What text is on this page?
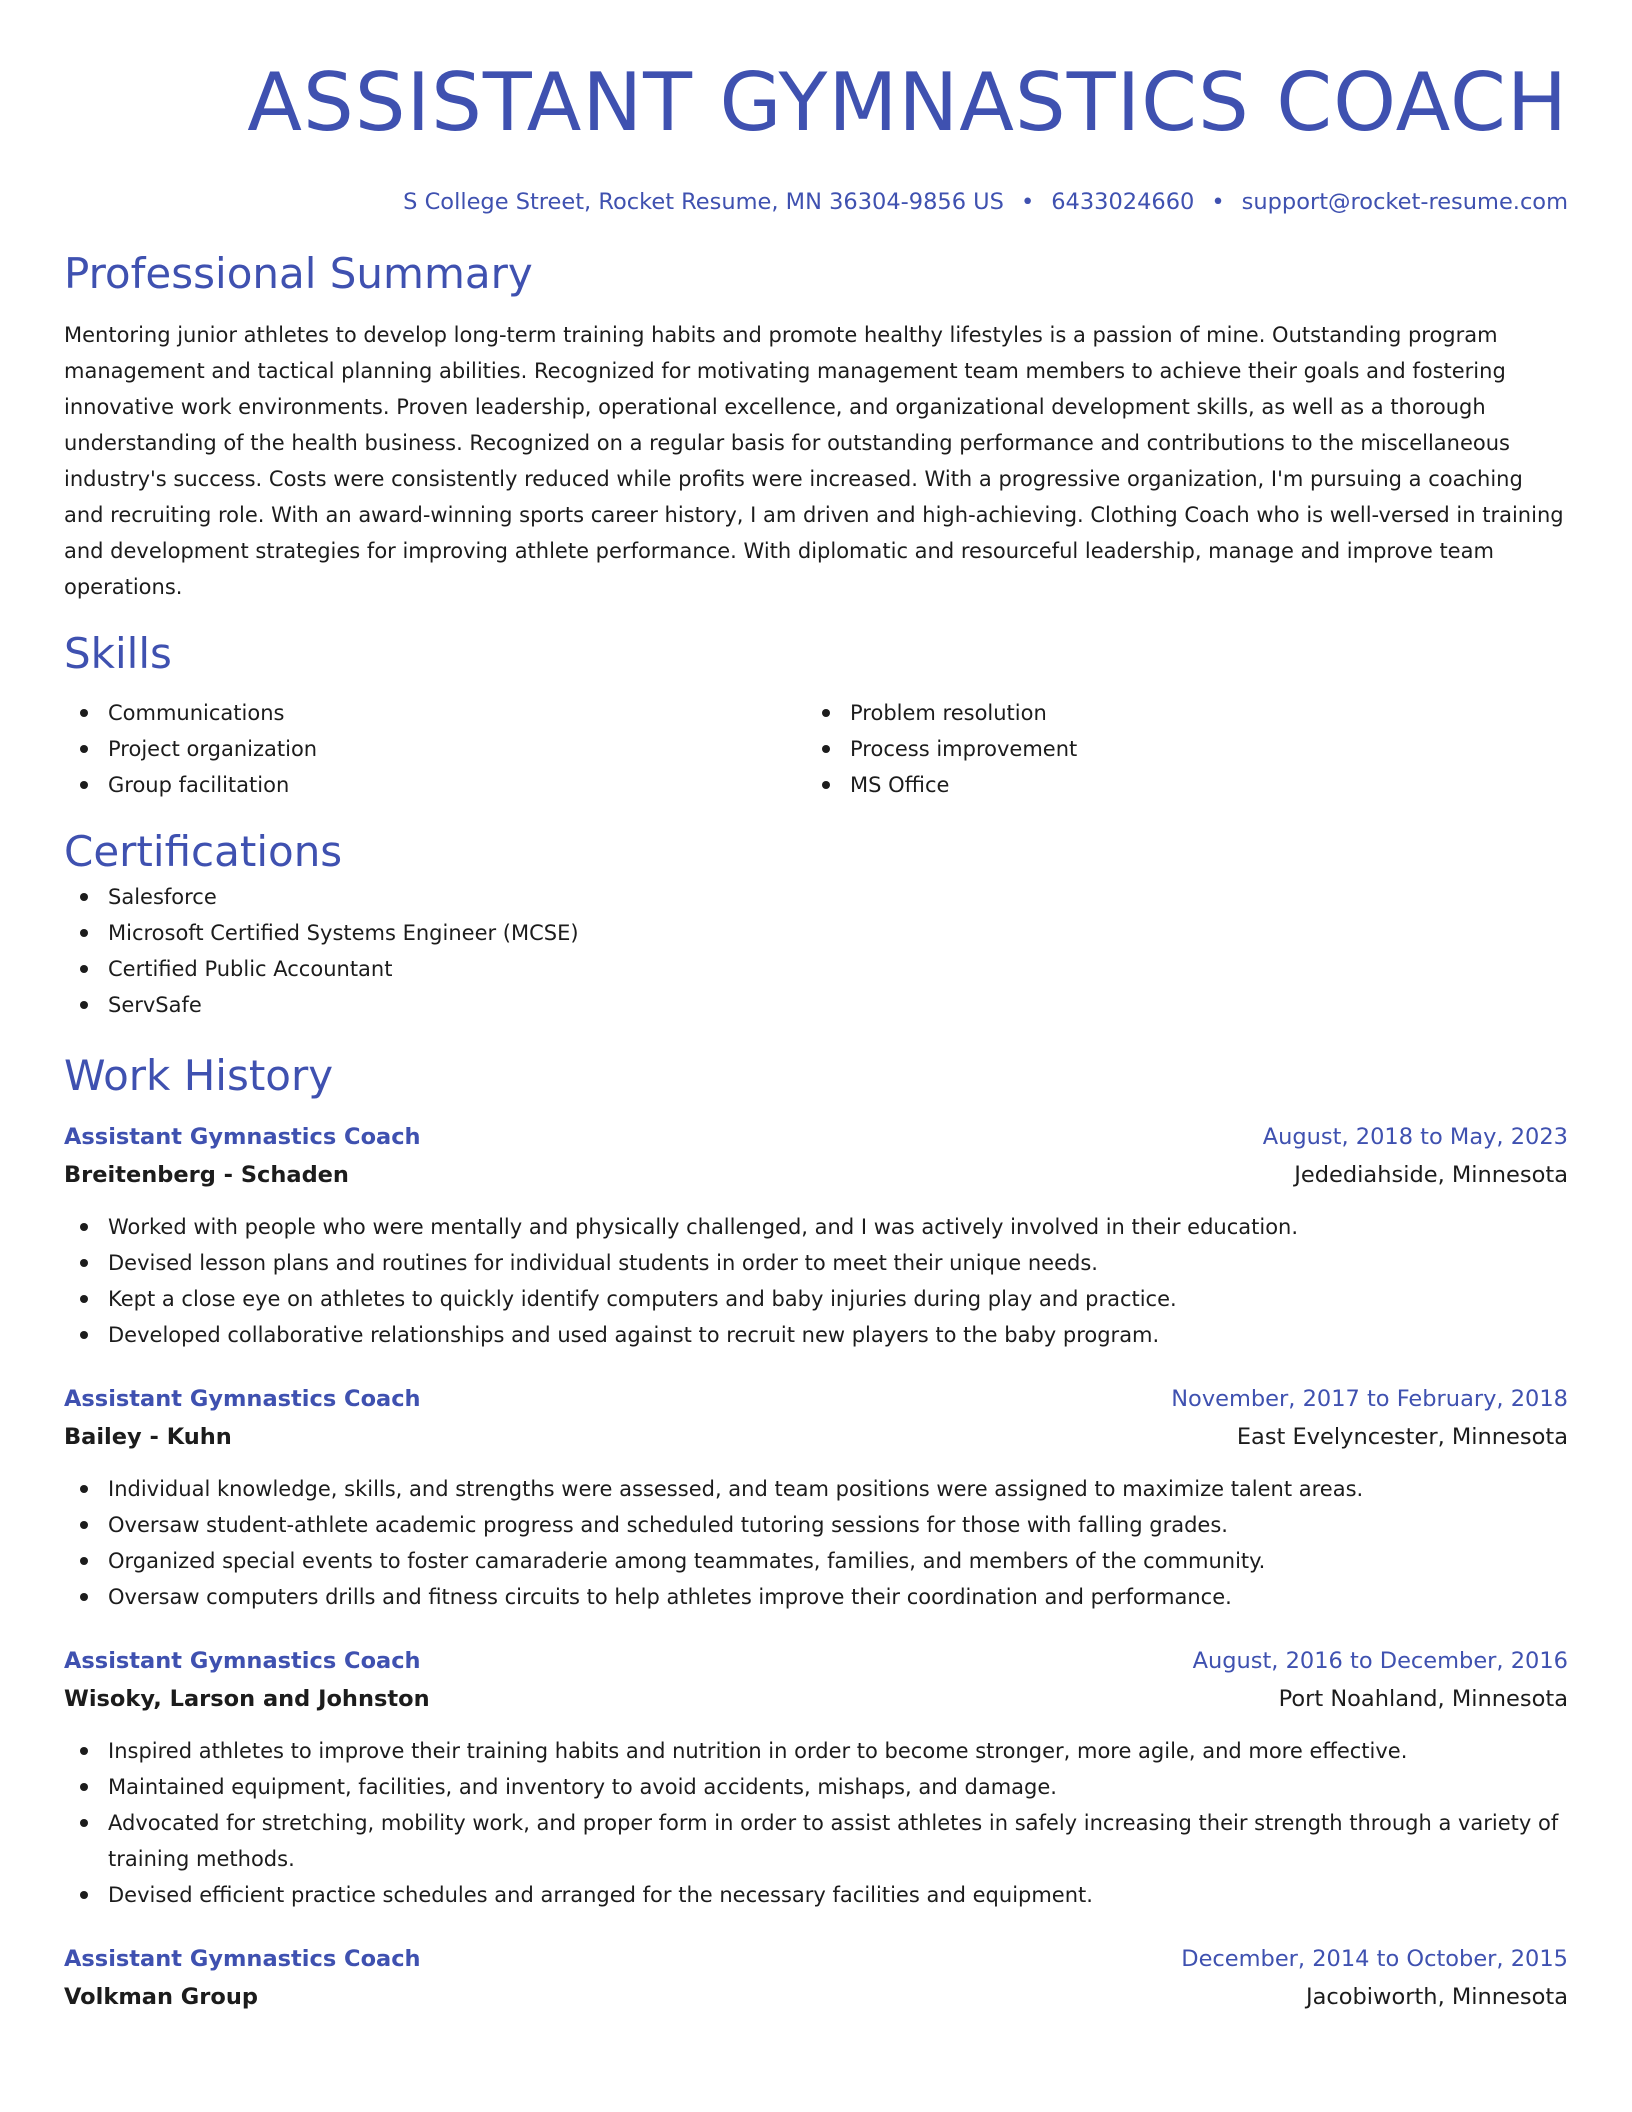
ASSISTANT GYMNASTICS COACH
S College Street, Rocket Resume, MN 36304-9856 US • 6433024660 • support@rocket-resume.com
Professional Summary
Mentoring junior athletes to develop long-term training habits and promote healthy lifestyles is a passion of mine. Outstanding program management and tactical planning abilities. Recognized for motivating management team members to achieve their goals and fostering innovative work environments. Proven leadership, operational excellence, and organizational development skills, as well as a thorough understanding of the health business. Recognized on a regular basis for outstanding performance and contributions to the miscellaneous industry's success. Costs were consistently reduced while profits were increased. With a progressive organization, I'm pursuing a coaching and recruiting role. With an award-winning sports career history, I am driven and high-achieving. Clothing Coach who is well-versed in training and development strategies for improving athlete performance. With diplomatic and resourceful leadership, manage and improve team operations.
Skills
Communications
Project organization
Group facilitation
Problem resolution
Process improvement
MS Office
Certifications
Salesforce
Microsoft Certified Systems Engineer (MCSE)
Certified Public Accountant
ServSafe
Work History
Assistant Gymnastics Coach	August, 2018 to May, 2023
Breitenberg - Schaden	Jedediahside, Minnesota
Worked with people who were mentally and physically challenged, and I was actively involved in their education.
Devised lesson plans and routines for individual students in order to meet their unique needs.
Kept a close eye on athletes to quickly identify computers and baby injuries during play and practice.
Developed collaborative relationships and used against to recruit new players to the baby program.
Assistant Gymnastics Coach	November, 2017 to February, 2018
Bailey - Kuhn	East Evelyncester, Minnesota
Individual knowledge, skills, and strengths were assessed, and team positions were assigned to maximize talent areas.
Oversaw student-athlete academic progress and scheduled tutoring sessions for those with falling grades.
Organized special events to foster camaraderie among teammates, families, and members of the community.
Oversaw computers drills and fitness circuits to help athletes improve their coordination and performance.
Assistant Gymnastics Coach	August, 2016 to December, 2016
Wisoky, Larson and Johnston	Port Noahland, Minnesota
Inspired athletes to improve their training habits and nutrition in order to become stronger, more agile, and more effective.
Maintained equipment, facilities, and inventory to avoid accidents, mishaps, and damage.
Advocated for stretching, mobility work, and proper form in order to assist athletes in safely increasing their strength through a variety of training methods.
Devised efficient practice schedules and arranged for the necessary facilities and equipment.
Assistant Gymnastics Coach	December, 2014 to October, 2015
Volkman Group	Jacobiworth, Minnesota
